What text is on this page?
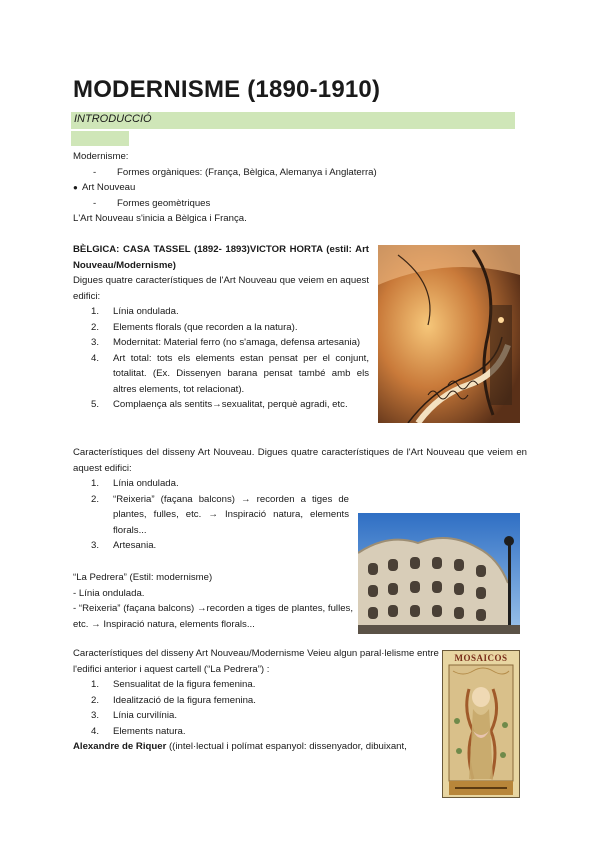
MODERNISME (1890-1910)
INTRODUCCIÓ
Modernisme:
- Formes orgàniques: (França, Bèlgica, Alemanya i Anglaterra)
● Art Nouveau
- Formes geomètriques
L'Art Nouveau s'inicia a Bèlgica i França.
BÈLGICA: CASA TASSEL (1892- 1893)VICTOR HORTA (estil: Art Nouveau/Modernisme)
Digues quatre característiques de l'Art Nouveau que veiem en aquest edifici:
1. Línia ondulada.
2. Elements florals (que recorden a la natura).
3. Modernitat: Material ferro (no s'amaga, defensa artesania)
4. Art total: tots els elements estan pensat per el conjunt, totalitat. (Ex. Dissenyen barana pensat també amb els altres elements, tot relacionat).
5. Complaença als sentits→sexualitat, perquè agradi, etc.
Característiques del disseny Art Nouveau. Digues quatre característiques de l'Art Nouveau que veiem en aquest edifici:
1. Línia ondulada.
2. “Reixeria” (façana balcons) → recorden a tiges de plantes, fulles, etc. → Inspiració natura, elements florals...
3. Artesania.
“La Pedrera” (Estil: modernisme)
- Línia ondulada.
- “Reixeria” (façana balcons) →recorden a tiges de plantes, fulles, etc. → Inspiració natura, elements florals...
Característiques del disseny Art Nouveau/Modernisme Veieu algun paral·lelisme entre l'edifici anterior i aquest cartell (“La Pedrera”) :
1. Sensualitat de la figura femenina.
2. Idealització de la figura femenina.
3. Línia curvilínia.
4. Elements natura.
Alexandre de Riquer ((intel·lectual i polímat espanyol: dissenyador, dibuixant,
MOSAICOS
